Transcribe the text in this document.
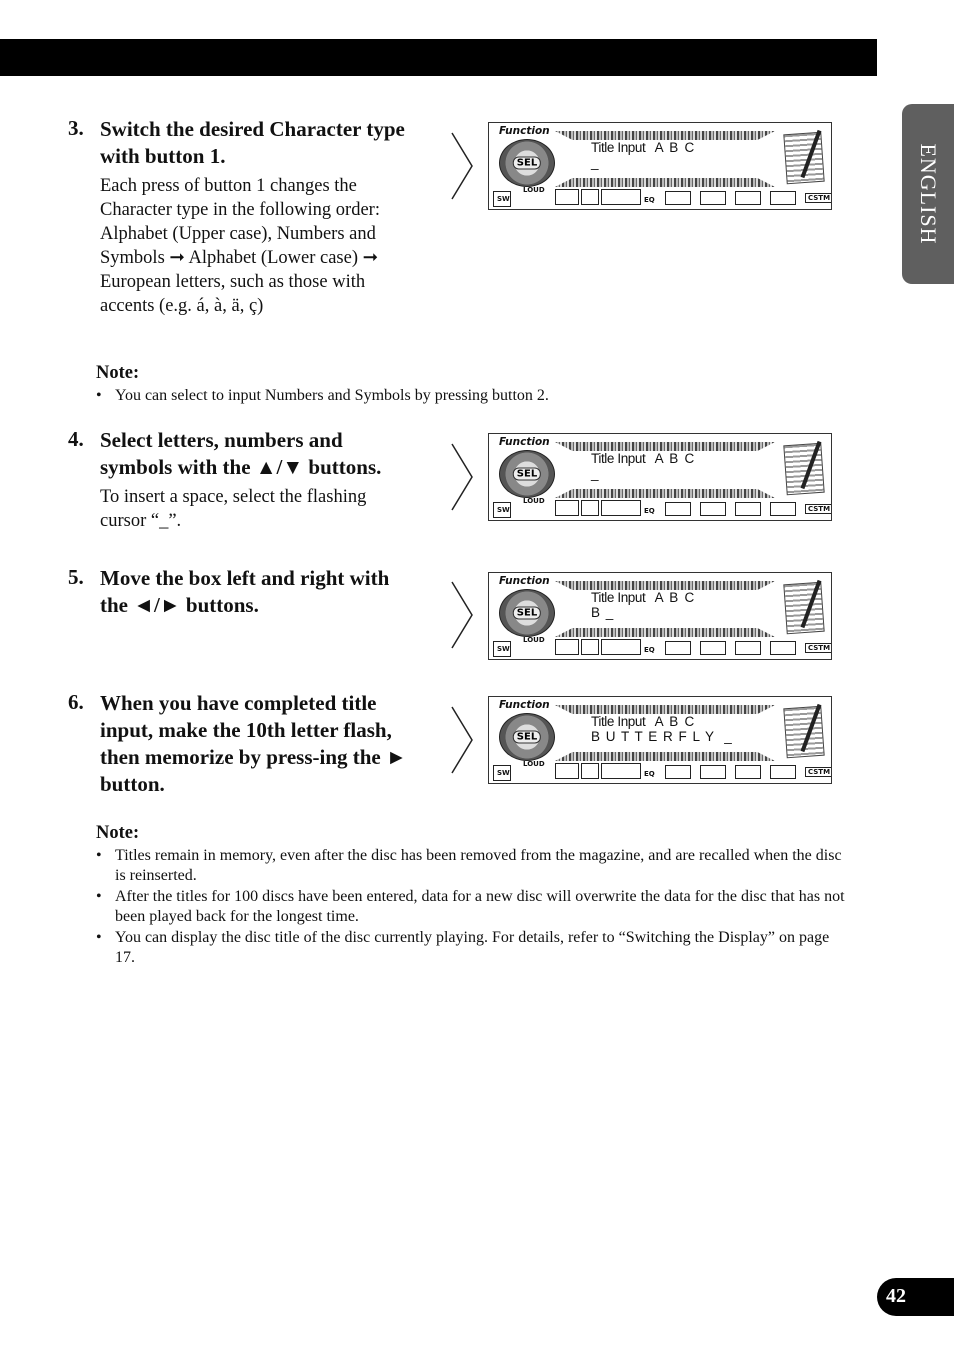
ENGLISH
3. Switch the desired Character type with button 1.
Each press of button 1 changes the Character type in the following order:
Alphabet (Upper case), Numbers and Symbols ➞ Alphabet (Lower case) ➞ European letters, such as those with accents (e.g. á, à, ä, ç)
Note:
• You can select to input Numbers and Symbols by pressing button 2.
4. Select letters, numbers and symbols with the ▲/▼ buttons.
To insert a space, select the flashing cursor “_”.
5. Move the box left and right with the ◄/► buttons.
6. When you have completed title input, make the 10th letter flash, then memorize by press-ing the ► button.
Note:
• Titles remain in memory, even after the disc has been removed from the magazine, and are recalled when the disc is reinserted.
• After the titles for 100 discs have been entered, data for a new disc will overwrite the data for the disc that has not been played back for the longest time.
• You can display the disc title of the disc currently playing. For details, refer to “Switching the Display” on page 17.
Function
SEL
Title Input   A  B  C
_
SW
LOUD
EQ	CSTM
Function
SEL
Title Input   A  B  C
_
SW
LOUD
EQ	CSTM
Function
SEL
Title Input   A  B  C
B _
SW
LOUD
EQ	CSTM
Function
SEL
Title Input   A  B  C
B U T T E R F L Y  _
SW
LOUD
EQ	CSTM
42
